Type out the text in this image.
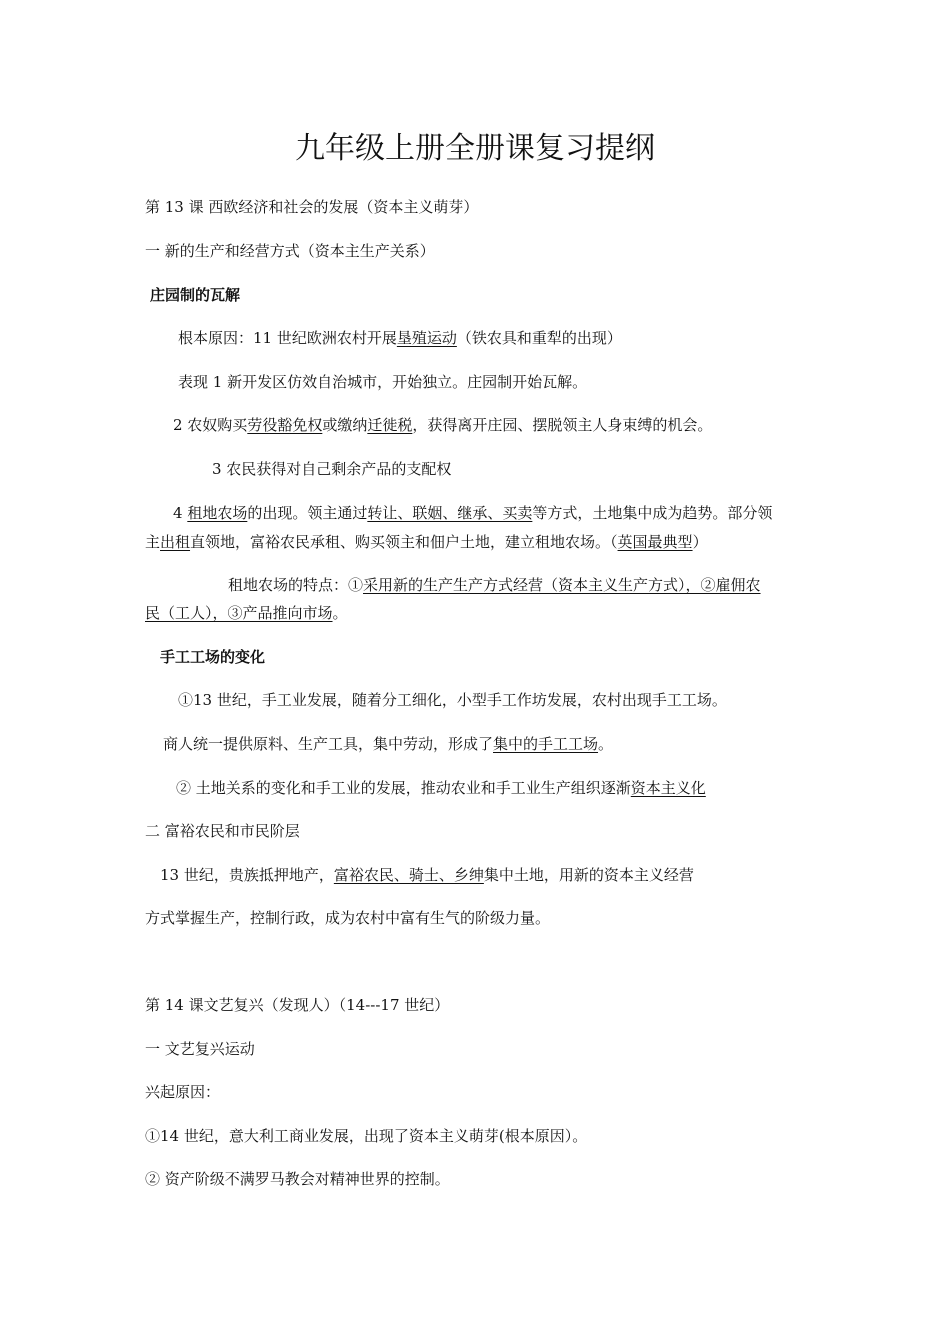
九年级上册全册课复习提纲
第 13 课 西欧经济和社会的发展（资本主义萌芽）
一 新的生产和经营方式（资本主生产关系）
庄园制的瓦解
根本原因：11 世纪欧洲农村开展垦殖运动（铁农具和重犁的出现）
表现 1 新开发区仿效自治城市，开始独立。庄园制开始瓦解。
2 农奴购买劳役豁免权或缴纳迁徙税，获得离开庄园、摆脱领主人身束缚的机会。
3 农民获得对自己剩余产品的支配权
4 租地农场的出现。领主通过转让、联姻、继承、买卖等方式，土地集中成为趋势。部分领
主出租直领地，富裕农民承租、购买领主和佃户土地，建立租地农场。（英国最典型）
租地农场的特点：①采用新的生产生产方式经营（资本主义生产方式），②雇佣农
民（工人），③产品推向市场。
手工工场的变化
①13 世纪，手工业发展，随着分工细化，小型手工作坊发展，农村出现手工工场。
商人统一提供原料、生产工具，集中劳动，形成了集中的手工工场。
② 土地关系的变化和手工业的发展，推动农业和手工业生产组织逐渐资本主义化
二 富裕农民和市民阶层
13 世纪，贵族抵押地产，富裕农民、骑士、乡绅集中土地，用新的资本主义经营
方式掌握生产，控制行政，成为农村中富有生气的阶级力量。
第 14 课文艺复兴（发现人）（14---17 世纪）
一 文艺复兴运动
兴起原因：
①14 世纪，意大利工商业发展，出现了资本主义萌芽(根本原因）。
② 资产阶级不满罗马教会对精神世界的控制。
